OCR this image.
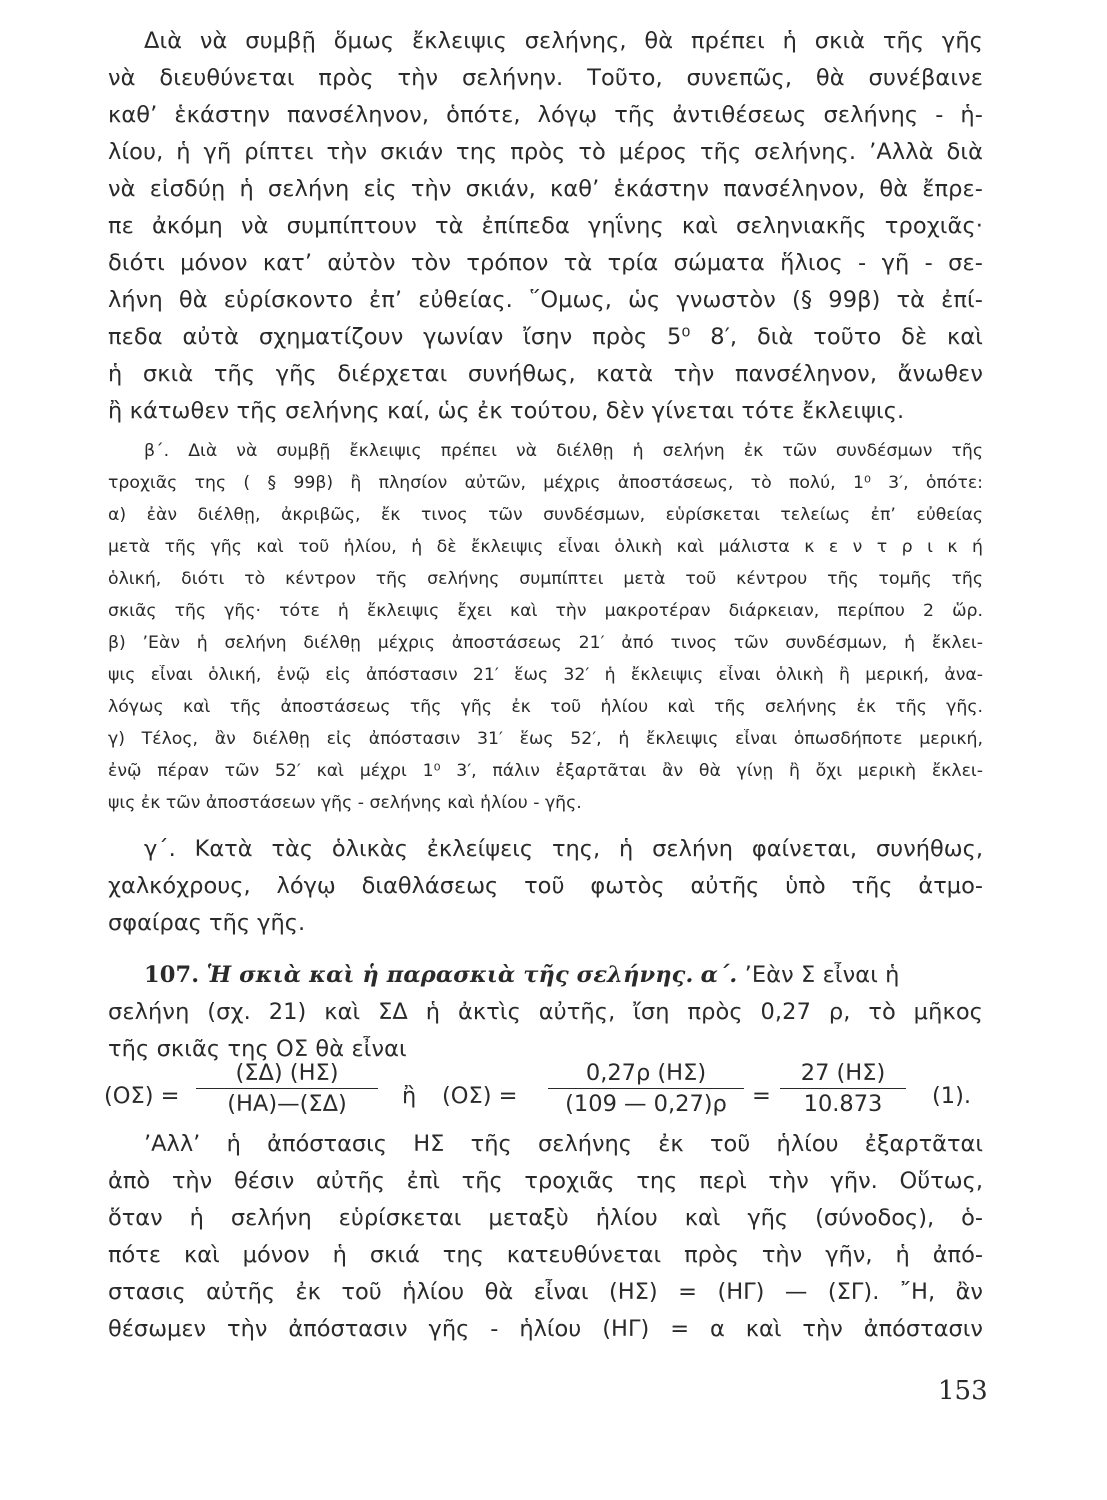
Διὰ νὰ συμβῇ ὅμως ἔκλειψις σελήνης, θὰ πρέπει ἡ σκιὰ τῆς γῆς
νὰ διευθύνεται πρὸς τὴν σελήνην. Τοῦτο, συνεπῶς, θὰ συνέβαινε
καθ’ ἑκάστην πανσέληνον, ὁπότε, λόγῳ τῆς ἀντιθέσεως σελήνης - ἡ-
λίου, ἡ γῆ ρίπτει τὴν σκιάν της πρὸς τὸ μέρος τῆς σελήνης. ’Αλλὰ διὰ
νὰ εἰσδύῃ ἡ σελήνη εἰς τὴν σκιάν, καθ’ ἑκάστην πανσέληνον, θὰ ἔπρε-
πε ἀκόμη νὰ συμπίπτουν τὰ ἐπίπεδα γηΐνης καὶ σεληνιακῆς τροχιᾶς·
διότι μόνον κατ’ αὐτὸν τὸν τρόπον τὰ τρία σώματα ἥλιος - γῆ - σε-
λήνη θὰ εὑρίσκοντο ἐπ’ εὐθείας. ῞Ομως, ὡς γνωστὸν (§ 99β) τὰ ἐπί-
πεδα αὐτὰ σχηματίζουν γωνίαν ἴσην πρὸς 5⁰ 8′, διὰ τοῦτο δὲ καὶ
ἡ σκιὰ τῆς γῆς διέρχεται συνήθως, κατὰ τὴν πανσέληνον, ἄνωθεν
ἢ κάτωθεν τῆς σελήνης καί, ὡς ἐκ τούτου, δὲν γίνεται τότε ἔκλειψις.
β΄. Διὰ νὰ συμβῇ ἔκλειψις πρέπει νὰ διέλθῃ ἡ σελήνη ἐκ τῶν συνδέσμων τῆς
τροχιᾶς της ( § 99β) ἢ πλησίον αὐτῶν, μέχρις ἀποστάσεως, τὸ πολύ, 1⁰ 3′, ὁπότε:
α) ἐὰν διέλθῃ, ἀκριβῶς, ἔκ τινος τῶν συνδέσμων, εὑρίσκεται τελείως ἐπ’ εὐθείας
μετὰ τῆς γῆς καὶ τοῦ ἡλίου, ἡ δὲ ἔκλειψις εἶναι ὁλικὴ καὶ μάλιστα κ ε ν τ ρ ι κ ή
ὁλική, διότι τὸ κέντρον τῆς σελήνης συμπίπτει μετὰ τοῦ κέντρου τῆς τομῆς τῆς
σκιᾶς τῆς γῆς· τότε ἡ ἔκλειψις ἔχει καὶ τὴν μακροτέραν διάρκειαν, περίπου 2 ὥρ.
β) ’Εὰν ἡ σελήνη διέλθῃ μέχρις ἀποστάσεως 21′ ἀπό τινος τῶν συνδέσμων, ἡ ἔκλει-
ψις εἶναι ὁλική, ἐνῷ εἰς ἀπόστασιν 21′ ἕως 32′ ἡ ἔκλειψις εἶναι ὁλικὴ ἢ μερική, ἀνα-
λόγως καὶ τῆς ἀποστάσεως τῆς γῆς ἐκ τοῦ ἡλίου καὶ τῆς σελήνης ἐκ τῆς γῆς.
γ) Τέλος, ἂν διέλθῃ εἰς ἀπόστασιν 31′ ἕως 52′, ἡ ἔκλειψις εἶναι ὁπωσδήποτε μερική,
ἐνῷ πέραν τῶν 52′ καὶ μέχρι 1⁰ 3′, πάλιν ἐξαρτᾶται ἂν θὰ γίνῃ ἢ ὄχι μερικὴ ἔκλει-
ψις ἐκ τῶν ἀποστάσεων γῆς - σελήνης καὶ ἡλίου - γῆς.
γ΄. Κατὰ τὰς ὁλικὰς ἐκλείψεις της, ἡ σελήνη φαίνεται, συνήθως,
χαλκόχρους, λόγῳ διαθλάσεως τοῦ φωτὸς αὐτῆς ὑπὸ τῆς ἀτμο-
σφαίρας τῆς γῆς.
107. Ἡ σκιὰ καὶ ἡ παρασκιὰ τῆς σελήνης. α΄. ’Εὰν Σ εἶναι ἡ
σελήνη (σχ. 21) καὶ ΣΔ ἡ ἀκτὶς αὐτῆς, ἴση πρὸς 0,27 ρ, τὸ μῆκος
τῆς σκιᾶς της ΟΣ θὰ εἶναι
(ΟΣ) =
(ΣΔ) (ΗΣ)
(ΗΑ)—(ΣΔ)	ἢ (ΟΣ) =
0,27ρ (ΗΣ)
(109 — 0,27)ρ	=
27 (ΗΣ)
10.873	(1).
’Αλλ’ ἡ ἀπόστασις ΗΣ τῆς σελήνης ἐκ τοῦ ἡλίου ἐξαρτᾶται
ἀπὸ τὴν θέσιν αὐτῆς ἐπὶ τῆς τροχιᾶς της περὶ τὴν γῆν. Οὕτως,
ὅταν ἡ σελήνη εὑρίσκεται μεταξὺ ἡλίου καὶ γῆς (σύνοδος), ὁ-
πότε καὶ μόνον ἡ σκιά της κατευθύνεται πρὸς τὴν γῆν, ἡ ἀπό-
στασις αὐτῆς ἐκ τοῦ ἡλίου θὰ εἶναι (ΗΣ) = (ΗΓ) — (ΣΓ). ῎Η, ἂν
θέσωμεν τὴν ἀπόστασιν γῆς - ἡλίου (ΗΓ) = α καὶ τὴν ἀπόστασιν
153
